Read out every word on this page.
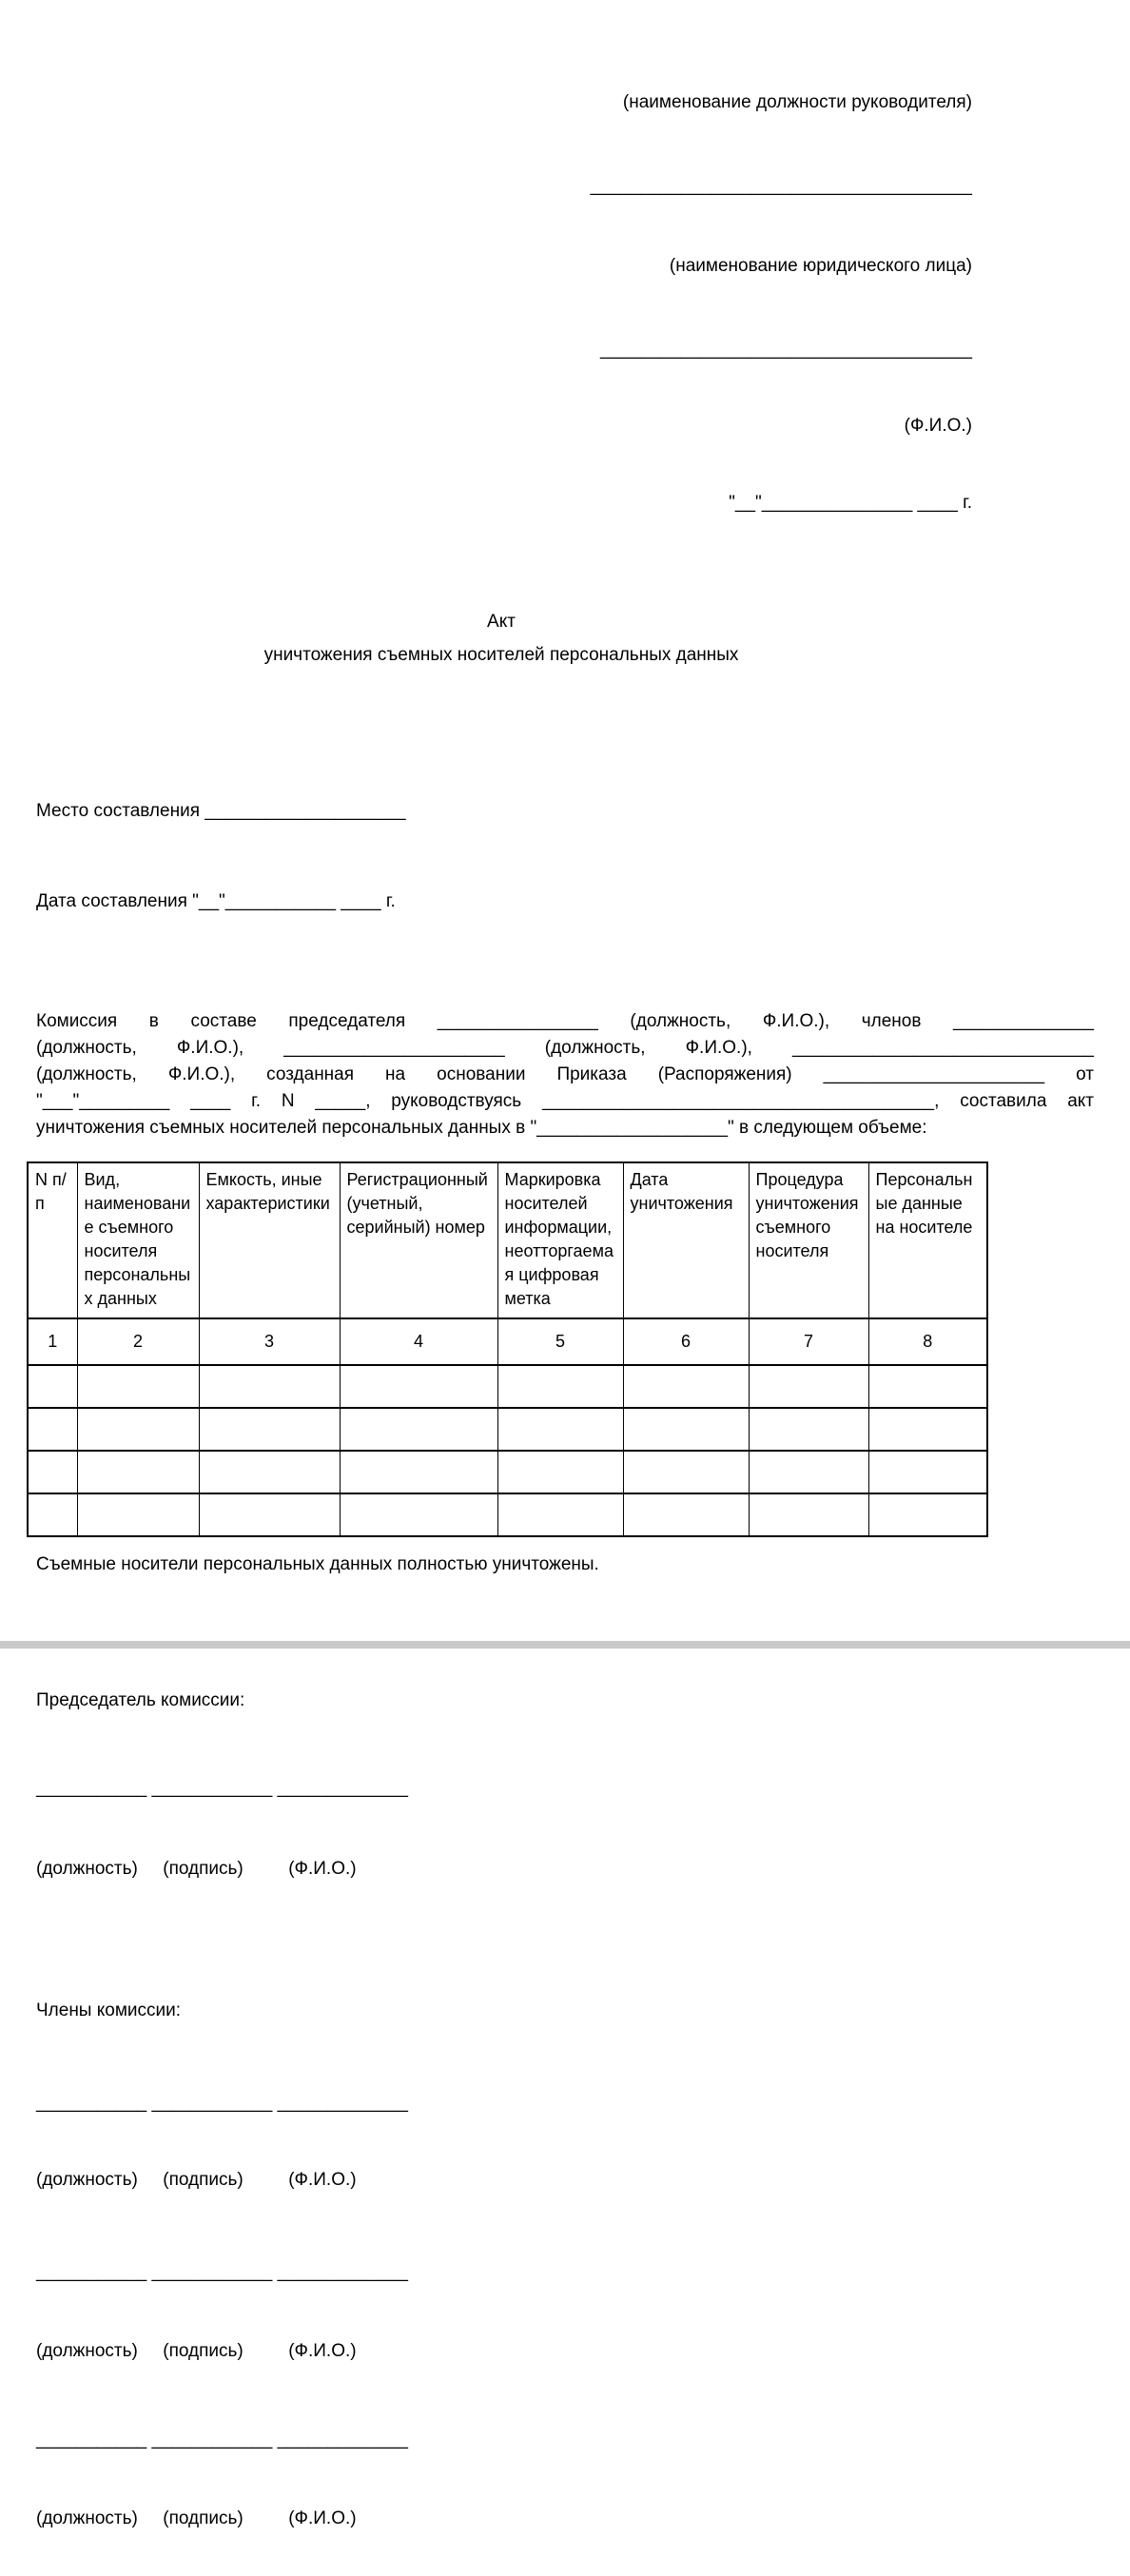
(наименование должности руководителя)

______________________________________

(наименование юридического лица)

_____________________________________

(Ф.И.О.)

"__"_______________ ____ г.

Акт
уничтожения съемных носителей персональных данных

Место составления ____________________

Дата составления "__"___________ ____ г.

Комиссия в составе председателя ________________ (должность, Ф.И.О.), членов ______________
(должность, Ф.И.О.), ______________________ (должность, Ф.И.О.), ______________________________
(должность, Ф.И.О.), созданная на основании Приказа (Распоряжения) ______________________ от
"___"_________ ____ г. N _____, руководствуясь _______________________________________, составила акт
уничтожения съемных носителей персональных данных в "___________________" в следующем объеме:
N п/п	Вид, наименование съемного носителя персональных данных	Емкость, иные характеристики	Регистрационный (учетный, серийный) номер	Маркировка носителей информации, неотторгаемая цифровая метка	Дата уничтожения	Процедура уничтожения съемного носителя	Персональные данные на носителе
1	2	3	4	5	6	7	8

Съемные носители персональных данных полностью уничтожены.

Председатель комиссии:

___________ ____________ _____________

(должность)     (подпись)         (Ф.И.О.)

Члены комиссии:

___________ ____________ _____________

(должность)     (подпись)         (Ф.И.О.)

___________ ____________ _____________

(должность)     (подпись)         (Ф.И.О.)

___________ ____________ _____________

(должность)     (подпись)         (Ф.И.О.)
